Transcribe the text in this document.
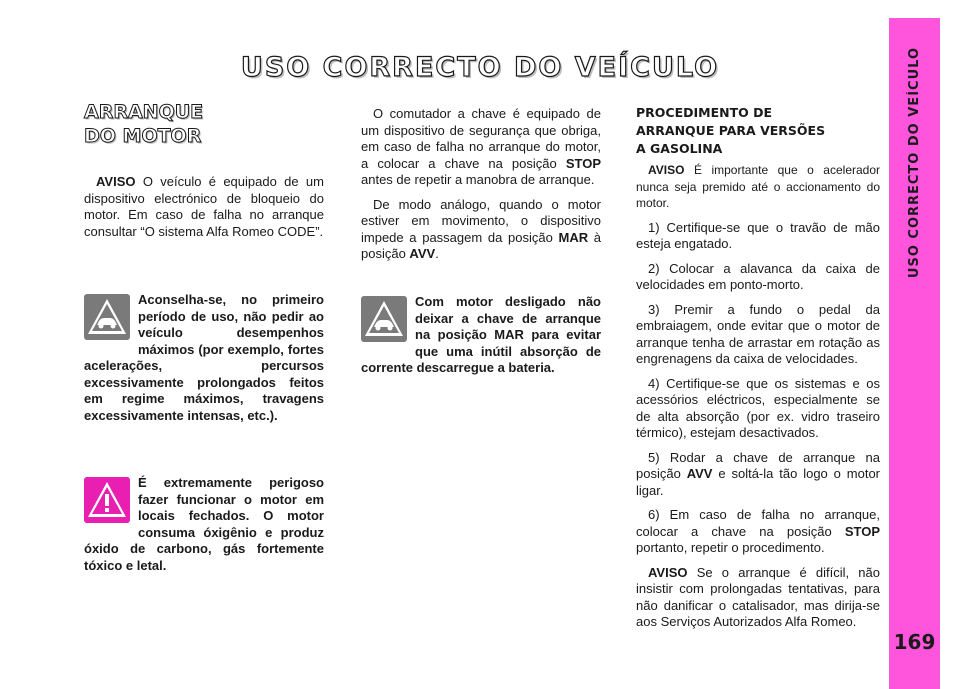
USO CORRECTO DO VEÍCULO	USO CORRECTO DO VEÍCULO
169
ARRANQUE
DO MOTOR

AVISO O veículo é equipado de um dispositivo electrónico de bloqueio do motor. Em caso de falha no arranque consultar “O sistema Alfa Romeo CODE”.

Aconselha-se, no primeiro período de uso, não pedir ao veículo desempenhos máximos (por exemplo, fortes acelerações, percursos excessivamente prolongados feitos em regime máximos, travagens excessivamente intensas, etc.).

É extremamente perigoso fazer funcionar o motor em locais fechados. O motor consuma óxigênio e produz óxido de carbono, gás fortemente tóxico e letal.

O comutador a chave é equipado de um dispositivo de segurança que obriga, em caso de falha no arranque do motor, a colocar a chave na posição STOP antes de repetir a manobra de arranque.

De modo análogo, quando o motor estiver em movimento, o dispositivo impede a passagem da posição MAR à posição AVV.

Com motor desligado não deixar a chave de arranque na posição MAR para evitar que uma inútil absorção de corrente descarregue a bateria.

PROCEDIMENTO DE
ARRANQUE PARA VERSÕES
A GASOLINA

AVISO É importante que o acelerador nunca seja premido até o accionamento do motor.

1) Certifique-se que o travão de mão esteja engatado.

2) Colocar a alavanca da caixa de velocidades em ponto-morto.

3) Premir a fundo o pedal da embraiagem, onde evitar que o motor de arranque tenha de arrastar em rotação as engrenagens da caixa de velocidades.

4) Certifique-se que os sistemas e os acessórios eléctricos, especialmente se de alta absorção (por ex. vidro traseiro térmico), estejam desactivados.

5) Rodar a chave de arranque na posição AVV e soltá-la tão logo o motor ligar.

6) Em caso de falha no arranque, colocar a chave na posição STOP portanto, repetir o procedimento.

AVISO Se o arranque é difícil, não insistir com prolongadas tentativas, para não danificar o catalisador, mas dirija-se aos Serviços Autorizados Alfa Romeo.
